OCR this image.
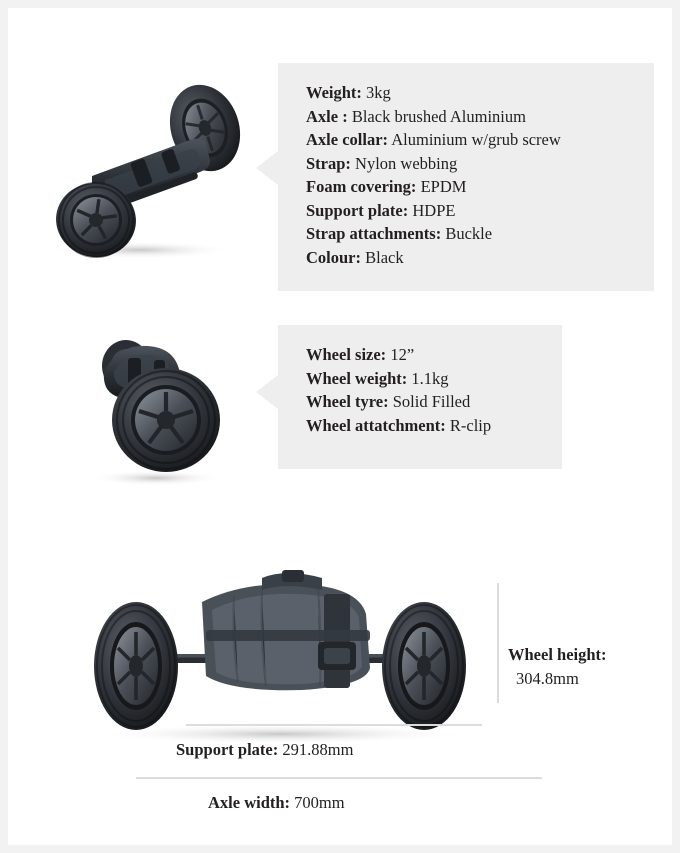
Weight: 3kg
Axle : Black brushed Aluminium
Axle collar: Aluminium w/grub screw
Strap: Nylon webbing
Foam covering: EPDM
Support plate: HDPE
Strap attachments: Buckle
Colour: Black
Wheel size: 12”
Wheel weight: 1.1kg
Wheel tyre: Solid Filled
Wheel attatchment: R-clip
Wheel height:
304.8mm
Support plate: 291.88mm
Axle width: 700mm
